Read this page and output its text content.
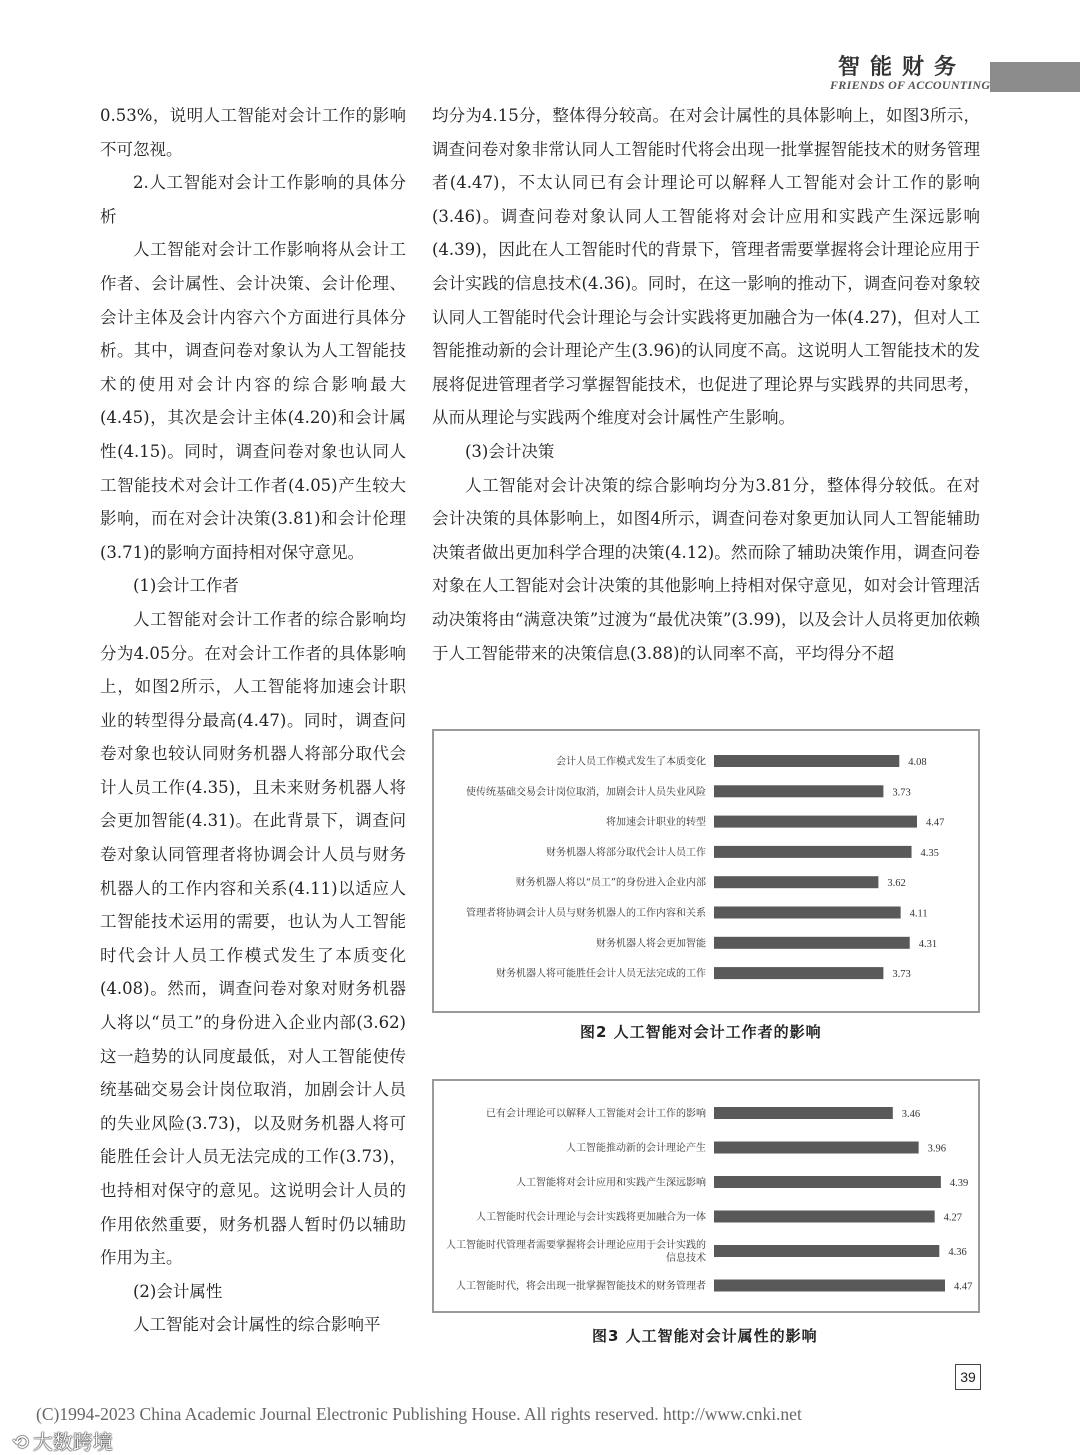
智能财务
FRIENDS OF ACCOUNTING

0.53%，说明人工智能对会计工作的影响不可忽视。

2.人工智能对会计工作影响的具体分析

人工智能对会计工作影响将从会计工作者、会计属性、会计决策、会计伦理、会计主体及会计内容六个方面进行具体分析。其中，调查问卷对象认为人工智能技术的使用对会计内容的综合影响最大(4.45)，其次是会计主体(4.20)和会计属性(4.15)。同时，调查问卷对象也认同人工智能技术对会计工作者(4.05)产生较大影响，而在对会计决策(3.81)和会计伦理(3.71)的影响方面持相对保守意见。

(1)会计工作者

人工智能对会计工作者的综合影响均分为4.05分。在对会计工作者的具体影响上，如图2所示，人工智能将加速会计职业的转型得分最高(4.47)。同时，调查问卷对象也较认同财务机器人将部分取代会计人员工作(4.35)，且未来财务机器人将会更加智能(4.31)。在此背景下，调查问卷对象认同管理者将协调会计人员与财务机器人的工作内容和关系(4.11)以适应人工智能技术运用的需要，也认为人工智能时代会计人员工作模式发生了本质变化(4.08)。然而，调查问卷对象对财务机器人将以“员工”的身份进入企业内部(3.62)这一趋势的认同度最低，对人工智能使传统基础交易会计岗位取消，加剧会计人员的失业风险(3.73)，以及财务机器人将可能胜任会计人员无法完成的工作(3.73)，也持相对保守的意见。这说明会计人员的作用依然重要，财务机器人暂时仍以辅助作用为主。

(2)会计属性

人工智能对会计属性的综合影响平

均分为4.15分，整体得分较高。在对会计属性的具体影响上，如图3所示，调查问卷对象非常认同人工智能时代将会出现一批掌握智能技术的财务管理者(4.47)，不太认同已有会计理论可以解释人工智能对会计工作的影响(3.46)。调查问卷对象认同人工智能将对会计应用和实践产生深远影响(4.39)，因此在人工智能时代的背景下，管理者需要掌握将会计理论应用于会计实践的信息技术(4.36)。同时，在这一影响的推动下，调查问卷对象较认同人工智能时代会计理论与会计实践将更加融合为一体(4.27)，但对人工智能推动新的会计理论产生(3.96)的认同度不高。这说明人工智能技术的发展将促进管理者学习掌握智能技术，也促进了理论界与实践界的共同思考，从而从理论与实践两个维度对会计属性产生影响。

(3)会计决策

人工智能对会计决策的综合影响均分为3.81分，整体得分较低。在对会计决策的具体影响上，如图4所示，调查问卷对象更加认同人工智能辅助决策者做出更加科学合理的决策(4.12)。然而除了辅助决策作用，调查问卷对象在人工智能对会计决策的其他影响上持相对保守意见，如对会计管理活动决策将由“满意决策”过渡为“最优决策”(3.99)，以及会计人员将更加依赖于人工智能带来的决策信息(3.88)的认同率不高，平均得分不超

会计人员工作模式发生了本质变化	4.08
使传统基础交易会计岗位取消，加剧会计人员失业风险	3.73
将加速会计职业的转型	4.47
财务机器人将部分取代会计人员工作	4.35
财务机器人将以“员工”的身份进入企业内部	3.62
管理者将协调会计人员与财务机器人的工作内容和关系	4.11
财务机器人将会更加智能	4.31
财务机器人将可能胜任会计人员无法完成的工作	3.73
图2 人工智能对会计工作者的影响
已有会计理论可以解释人工智能对会计工作的影响	3.46
人工智能推动新的会计理论产生	3.96
人工智能将对会计应用和实践产生深远影响	4.39
人工智能时代会计理论与会计实践将更加融合为一体	4.27
人工智能时代管理者需要掌握将会计理论应用于会计实践的
信息技术
4.36
人工智能时代，将会出现一批掌握智能技术的财务管理者	4.47
图3 人工智能对会计属性的影响
39
(C)1994-2023 China Academic Journal Electronic Publishing House. All rights reserved. http://www.cnki.net
⟲ 大数跨境
